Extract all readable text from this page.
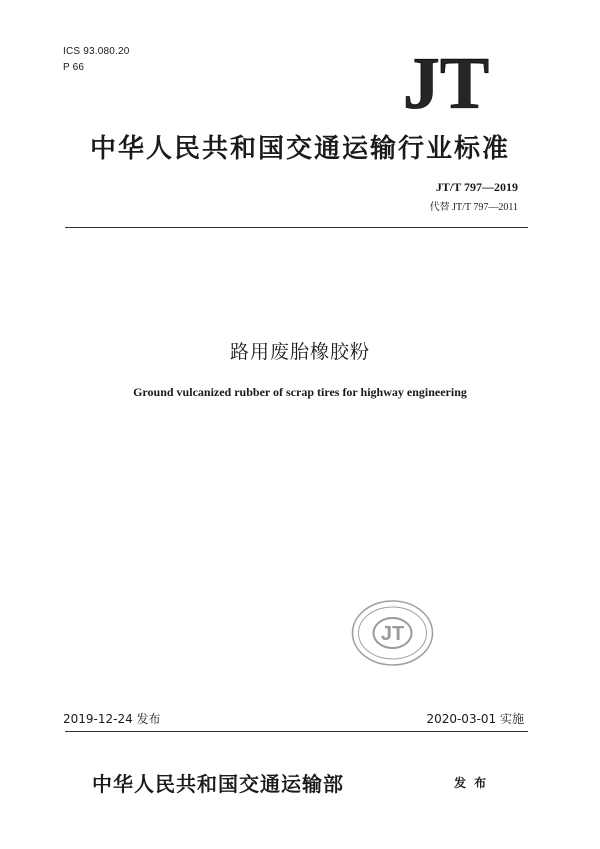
ICS 93.080.20
P 66	JT
中华人民共和国交通运输行业标准
JT/T 797—2019
代替 JT/T 797—2011
路用废胎橡胶粉
Ground vulcanized rubber of scrap tires for highway engineering
JT
2019-12-24 发布	2020-03-01 实施
中华人民共和国交通运输部	发 布
